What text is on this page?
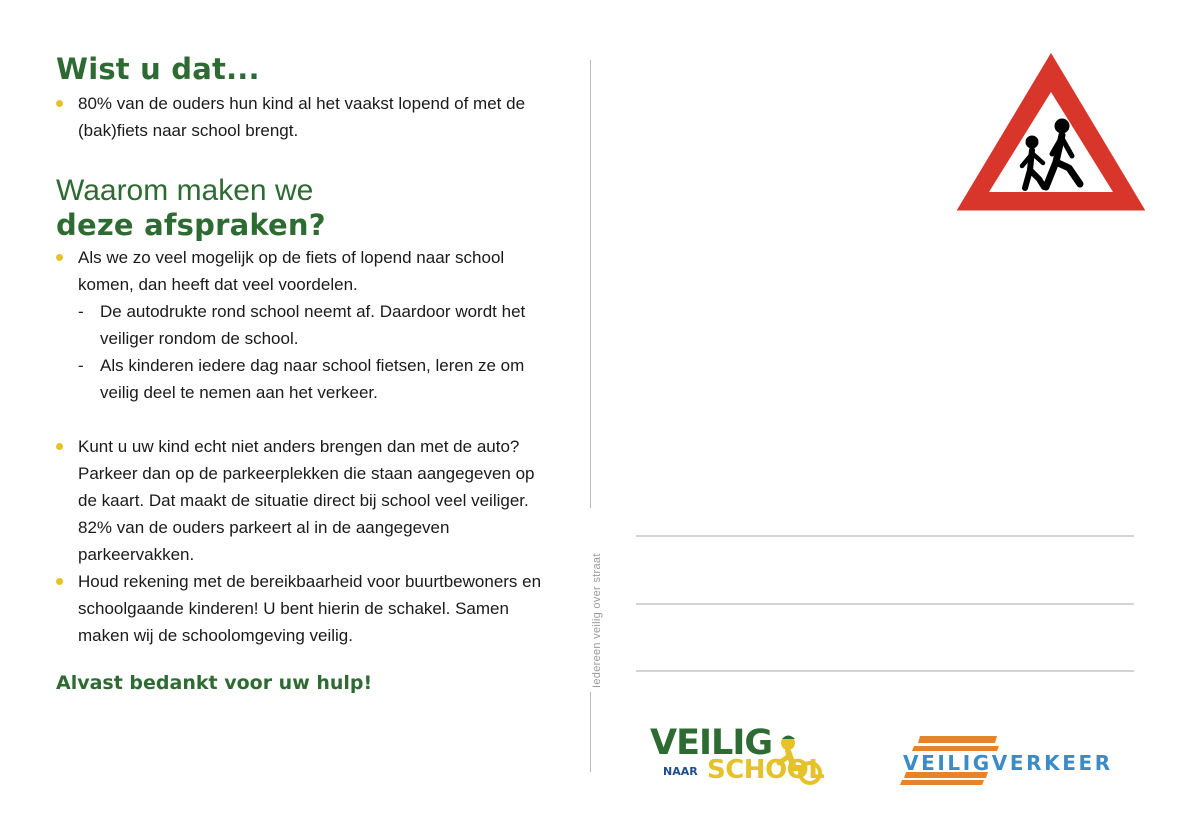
Wist u dat...
80% van de ouders hun kind al het vaakst lopend of met de (bak)fiets naar school brengt.
Waarom maken we
deze afspraken?
Als we zo veel mogelijk op de fiets of lopend naar school komen, dan heeft dat veel voordelen.
- De autodrukte rond school neemt af. Daardoor wordt het veiliger rondom de school.
- Als kinderen iedere dag naar school fietsen, leren ze om veilig deel te nemen aan het verkeer.
Kunt u uw kind echt niet anders brengen dan met de auto? Parkeer dan op de parkeerplekken die staan aangegeven op de kaart. Dat maakt de situatie direct bij school veel veiliger. 82% van de ouders parkeert al in de aangegeven parkeervakken.
Houd rekening met de bereikbaarheid voor buurtbewoners en schoolgaande kinderen! U bent hierin de schakel. Samen maken wij de schoolomgeving veilig.
Alvast bedankt voor uw hulp!	Iedereen veilig over straat
VEILIG
NAAR SCHOOL	VEILIGVERKEER
